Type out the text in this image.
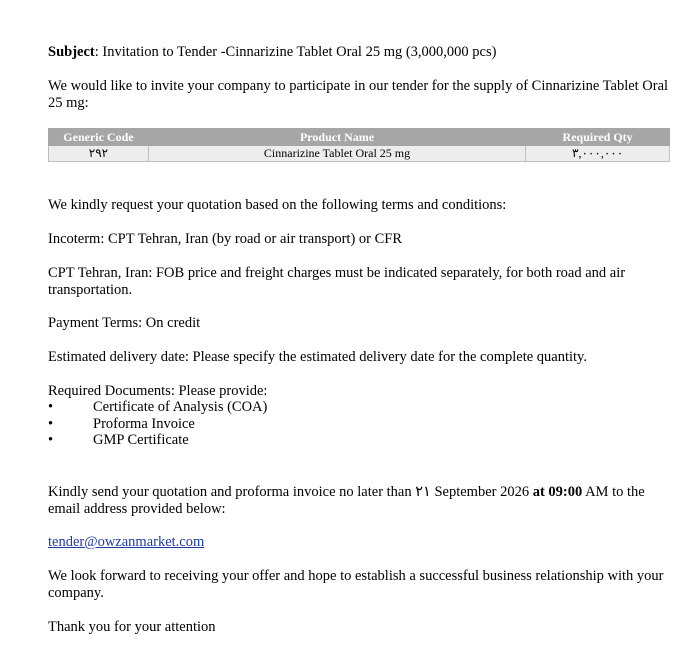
Subject: Invitation to Tender -Cinnarizine Tablet Oral 25 mg (3,000,000 pcs)

We would like to invite your company to participate in our tender for the supply of Cinnarizine Tablet Oral 25 mg:

Generic Code	Product Name	Required Qty
۲۹۲	Cinnarizine Tablet Oral 25 mg	۳,۰۰۰,۰۰۰

We kindly request your quotation based on the following terms and conditions:

Incoterm: CPT Tehran, Iran (by road or air transport) or CFR

CPT Tehran, Iran: FOB price and freight charges must be indicated separately, for both road and air transportation.

Payment Terms: On credit

Estimated delivery date: Please specify the estimated delivery date for the complete quantity.

Required Documents: Please provide:

•	Certificate of Analysis (COA)
•	Proforma Invoice
•	GMP Certificate

Kindly send your quotation and proforma invoice no later than ۲۱ September 2026 at 09:00 AM to the email address provided below:

tender@owzanmarket.com

We look forward to receiving your offer and hope to establish a successful business relationship with your company.

Thank you for your attention
